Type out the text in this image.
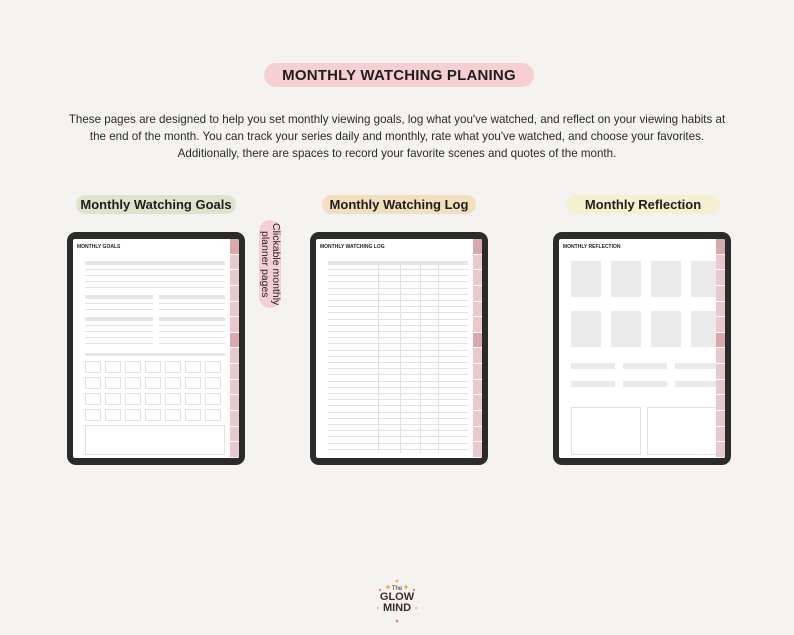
MONTHLY WATCHING PLANING
These pages are designed to help you set monthly viewing goals, log what you've watched, and reflect on your viewing habits at the end of the month. You can track your series daily and monthly, rate what you've watched, and choose your favorites. Additionally, there are spaces to record your favorite scenes and quotes of the month.
Monthly Watching Goals	Monthly Watching Log	Monthly Reflection
Clickable monthly planner pages
MONTHLY GOALS	· · · ·
·	·	·	·	·	·	·	·	·	·	·	·
MONTHLY WATCHING LOG	· · · ·
·	·	·	·	·	·	·	·	·	·	·	·
MONTHLY REFLECTION	· · · ·
·	·	·	·	·	·	·	·	·	·	·	·
The
GLOW
MIND
